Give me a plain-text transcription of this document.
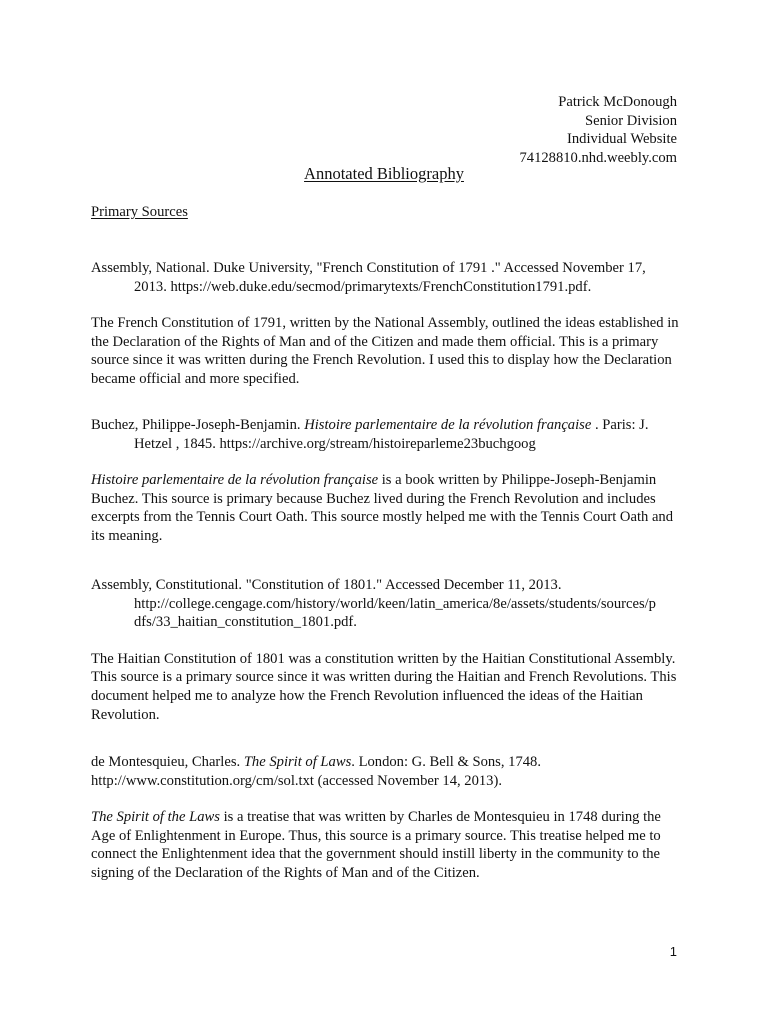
Patrick McDonough
Senior Division
Individual Website
74128810.nhd.weebly.com
Annotated Bibliography
Primary Sources

Assembly, National. Duke University, "French Constitution of 1791 ." Accessed November 17, 2013. https://web.duke.edu/secmod/primarytexts/FrenchConstitution1791.pdf.

The French Constitution of 1791, written by the National Assembly, outlined the ideas established in the Declaration of the Rights of Man and of the Citizen and made them official. This is a primary source since it was written during the French Revolution. I used this to display how the Declaration became official and more specified.

Buchez, Philippe-Joseph-Benjamin. Histoire parlementaire de la révolution française . Paris: J. Hetzel , 1845. https://archive.org/stream/histoireparleme23buchgoog

Histoire parlementaire de la révolution française is a book written by Philippe-Joseph-Benjamin Buchez. This source is primary because Buchez lived during the French Revolution and includes excerpts from the Tennis Court Oath. This source mostly helped me with the Tennis Court Oath and its meaning.

Assembly, Constitutional. "Constitution of 1801." Accessed December 11, 2013.

http://college.cengage.com/history/world/keen/latin_america/8e/assets/students/sources/p
dfs/33_haitian_constitution_1801.pdf.

The Haitian Constitution of 1801 was a constitution written by the Haitian Constitutional Assembly. This source is a primary source since it was written during the Haitian and French Revolutions. This document helped me to analyze how the French Revolution influenced the ideas of the Haitian Revolution.

de Montesquieu, Charles. The Spirit of Laws. London: G. Bell & Sons, 1748.
http://www.constitution.org/cm/sol.txt (accessed November 14, 2013).

The Spirit of the Laws is a treatise that was written by Charles de Montesquieu in 1748 during the Age of Enlightenment in Europe. Thus, this source is a primary source. This treatise helped me to connect the Enlightenment idea that the government should instill liberty in the community to the signing of the Declaration of the Rights of Man and of the Citizen.

1
